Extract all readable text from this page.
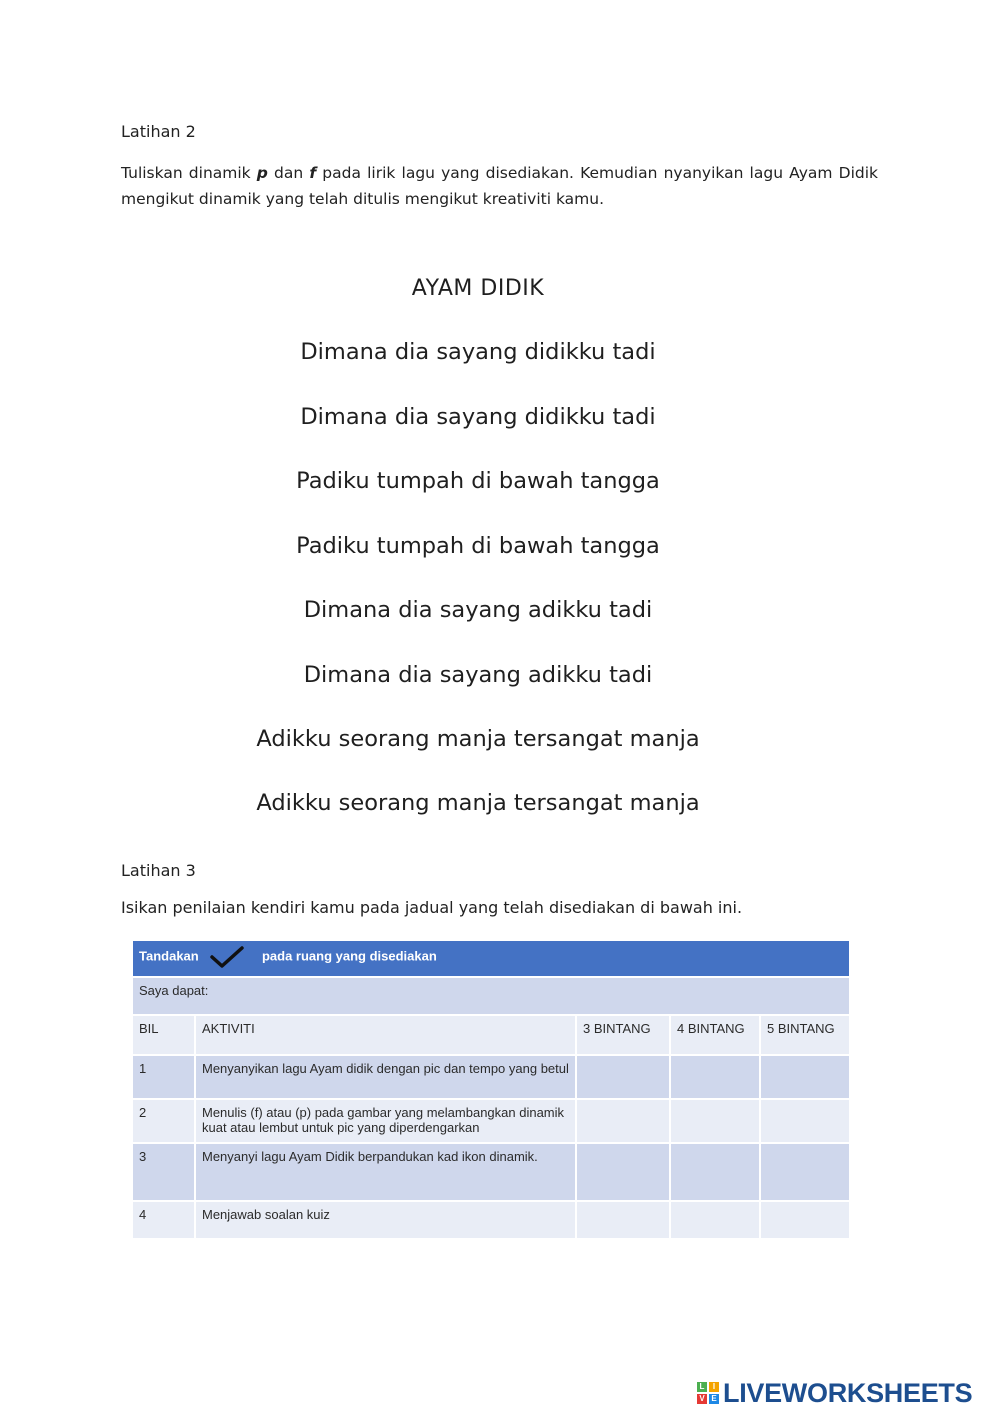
Latihan 2
Tuliskan dinamik p dan f pada lirik lagu yang disediakan. Kemudian nyanyikan lagu Ayam Didik mengikut dinamik yang telah ditulis mengikut kreativiti kamu.
AYAM DIDIK
Dimana dia sayang didikku tadi
Dimana dia sayang didikku tadi
Padiku tumpah di bawah tangga
Padiku tumpah di bawah tangga
Dimana dia sayang adikku tadi
Dimana dia sayang adikku tadi
Adikku seorang manja tersangat manja
Adikku seorang manja tersangat manja
Latihan 3
Isikan penilaian kendiri kamu pada jadual yang telah disediakan di bawah ini.
Tandakan pada ruang yang disediakan				
Saya dapat:				
BIL	AKTIVITI	3 BINTANG	4 BINTANG	5 BINTANG
1	Menyanyikan lagu Ayam didik dengan pic dan tempo yang betul			
2	Menulis (f) atau (p) pada gambar yang melambangkan dinamik kuat atau lembut untuk pic yang diperdengarkan			
3	Menyanyi lagu Ayam Didik berpandukan kad ikon dinamik.			
4	Menjawab soalan kuiz			
L	I
V E LIVEWORKSHEETS
